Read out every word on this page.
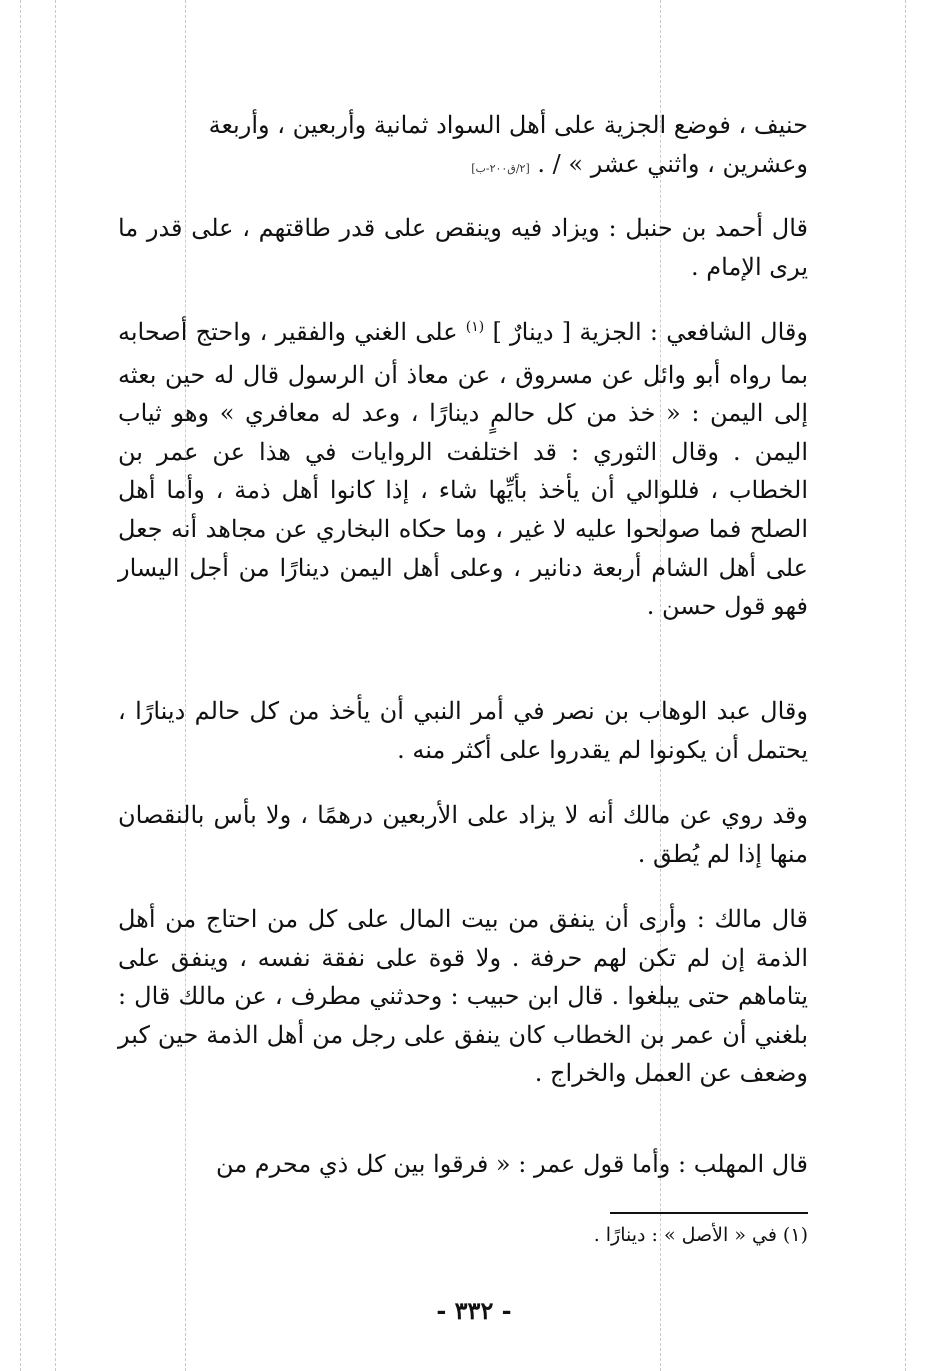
حنيف ، فوضع الجزية على أهل السواد ثمانية وأربعين ، وأربعة
وعشرين ، واثني عشر » / . [٢/ق٢٠٠-ب]

قال أحمد بن حنبل : ويزاد فيه وينقص على قدر طاقتهم ، على قدر ما يرى الإمام .

وقال الشافعي : الجزية [ دينارٌ ] $^{(١)}$ على الغني والفقير ، واحتج أصحابه بما رواه أبو وائل عن مسروق ، عن معاذ أن الرسول قال له حين بعثه إلى اليمن : « خذ من كل حالمٍ دينارًا ، وعد له معافري » وهو ثياب اليمن . وقال الثوري : قد اختلفت الروايات في هذا عن عمر بن الخطاب ، فللوالي أن يأخذ بأيِّها شاء ، إذا كانوا أهل ذمة ، وأما أهل الصلح فما صولحوا عليه لا غير ، وما حكاه البخاري عن مجاهد أنه جعل على أهل الشام أربعة دنانير ، وعلى أهل اليمن دينارًا من أجل اليسار فهو قول حسن .

وقال عبد الوهاب بن نصر في أمر النبي أن يأخذ من كل حالم دينارًا ، يحتمل أن يكونوا لم يقدروا على أكثر منه .

وقد روي عن مالك أنه لا يزاد على الأربعين درهمًا ، ولا بأس بالنقصان منها إذا لم يُطق .

قال مالك : وأرى أن ينفق من بيت المال على كل من احتاج من أهل الذمة إن لم تكن لهم حرفة . ولا قوة على نفقة نفسه ، وينفق على يتاماهم حتى يبلغوا . قال ابن حبيب : وحدثني مطرف ، عن مالك قال : بلغني أن عمر بن الخطاب كان ينفق على رجل من أهل الذمة حين كبر وضعف عن العمل والخراج .

قال المهلب : وأما قول عمر : « فرقوا بين كل ذي محرم من

(١) في « الأصل » : دينارًا .
- ٣٣٢ -
